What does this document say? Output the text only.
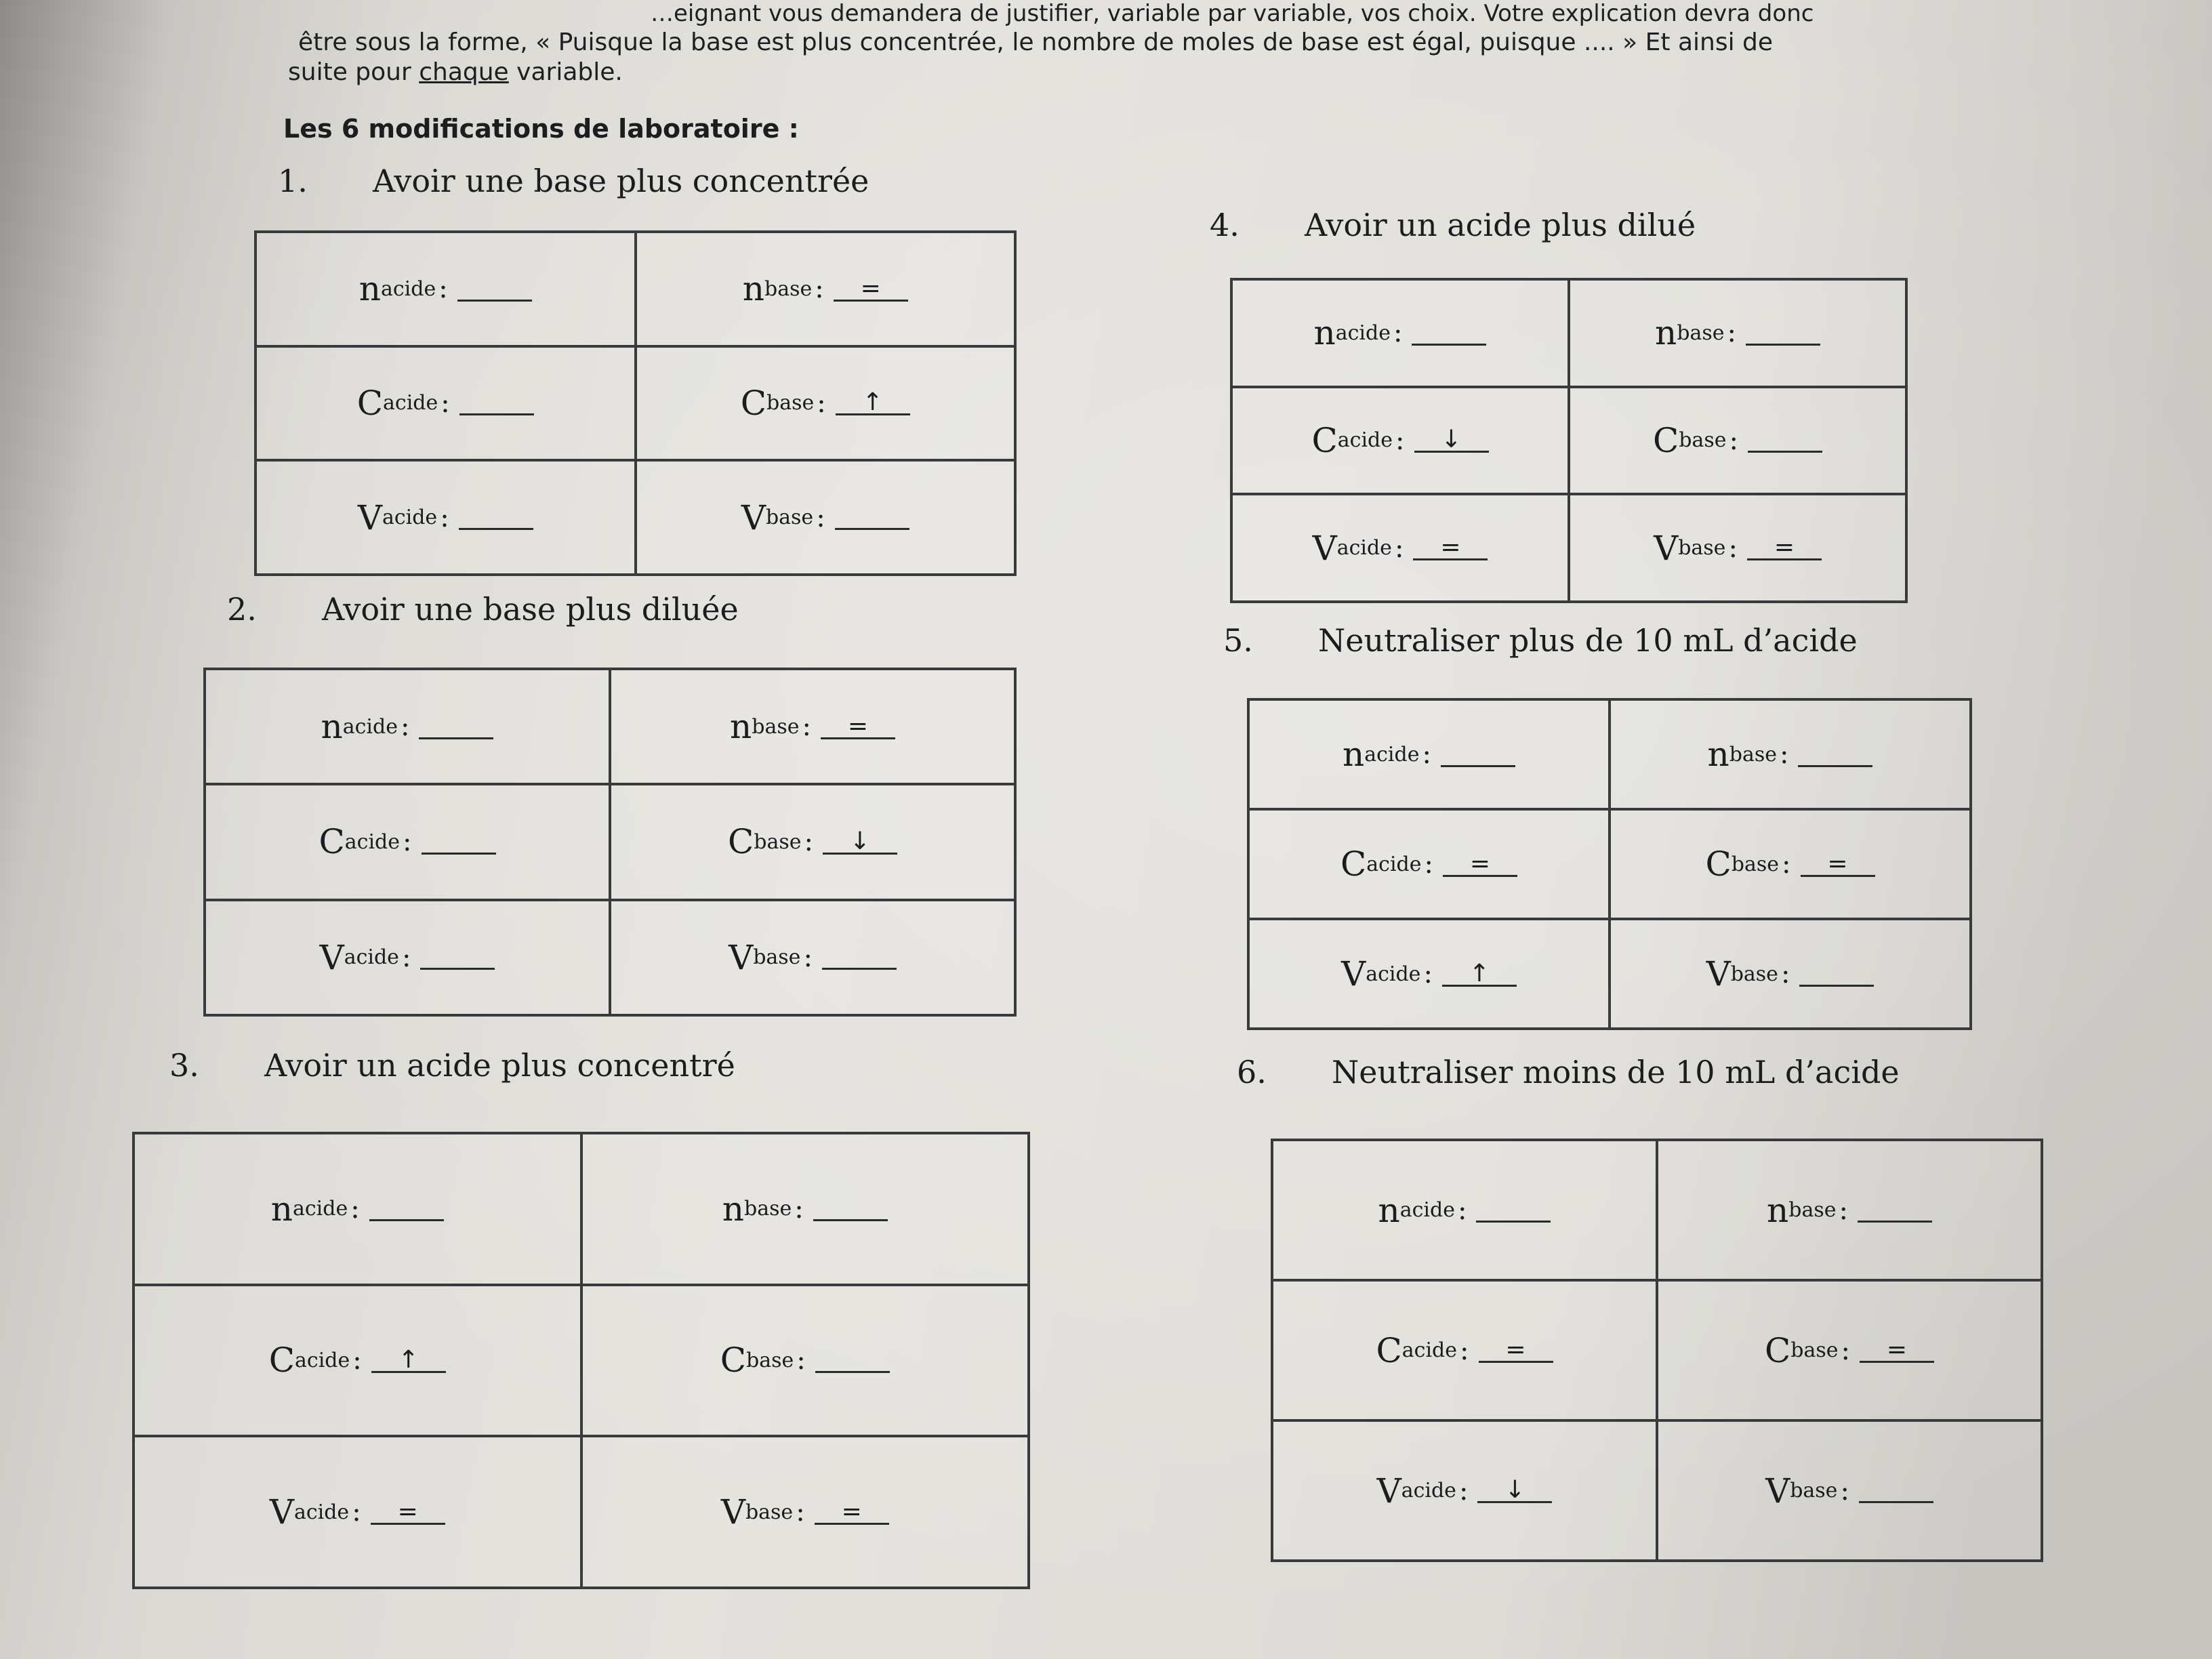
…eignant vous demandera de justifier, variable par variable, vos choix. Votre explication devra donc
être sous la forme, « Puisque la base est plus concentrée, le nombre de moles de base est égal, puisque .... » Et ainsi de
suite pour chaque variable.
Les 6 modifications de laboratoire :
1. Avoir une base plus concentrée
n acide :	n base : =

C acide :	C base : ↑

V acide :	V base :
2. Avoir une base plus diluée
n acide :	n base : =

C acide :	C base : ↓

V acide :	V base :
3. Avoir un acide plus concentré
n acide :	n base :

C acide : ↑	C base :

V acide : =	V base : =
4. Avoir un acide plus dilué
n acide :	n base :

C acide : ↓	C base :

V acide : =	V base : =
5. Neutraliser plus de 10 mL d’acide
n acide :	n base :

C acide : =	C base : =

V acide : ↑	V base :
6. Neutraliser moins de 10 mL d’acide
n acide :	n base :

C acide : =	C base : =

V acide : ↓	V base :
